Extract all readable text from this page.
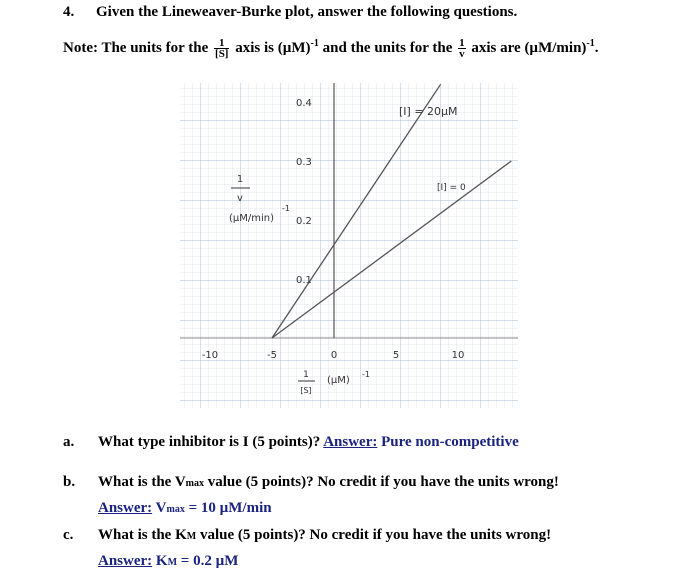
4. Given the Lineweaver-Burke plot, answer the following questions.
Note: The units for the $\frac{1}{[S]}$ axis is $(\mu M)^{-1}$ and the units for the $\frac{1}{v}$ axis are $(\mu M/\min)^{-1}$.
-10	-5	0	5	10
0.4
0.3
0.2
0.1
1
v
(µM/min)
-1
1
[S]
(µM)
-1
[I] = 20µM
[I] = 0
a. What type inhibitor is I (5 points)? Answer: Pure non-competitive
b. What is the Vmax value (5 points)? No credit if you have the units wrong!
Answer: Vmax = 10 µM/min
c. What is the KM value (5 points)? No credit if you have the units wrong!
Answer: KM = 0.2 µM
